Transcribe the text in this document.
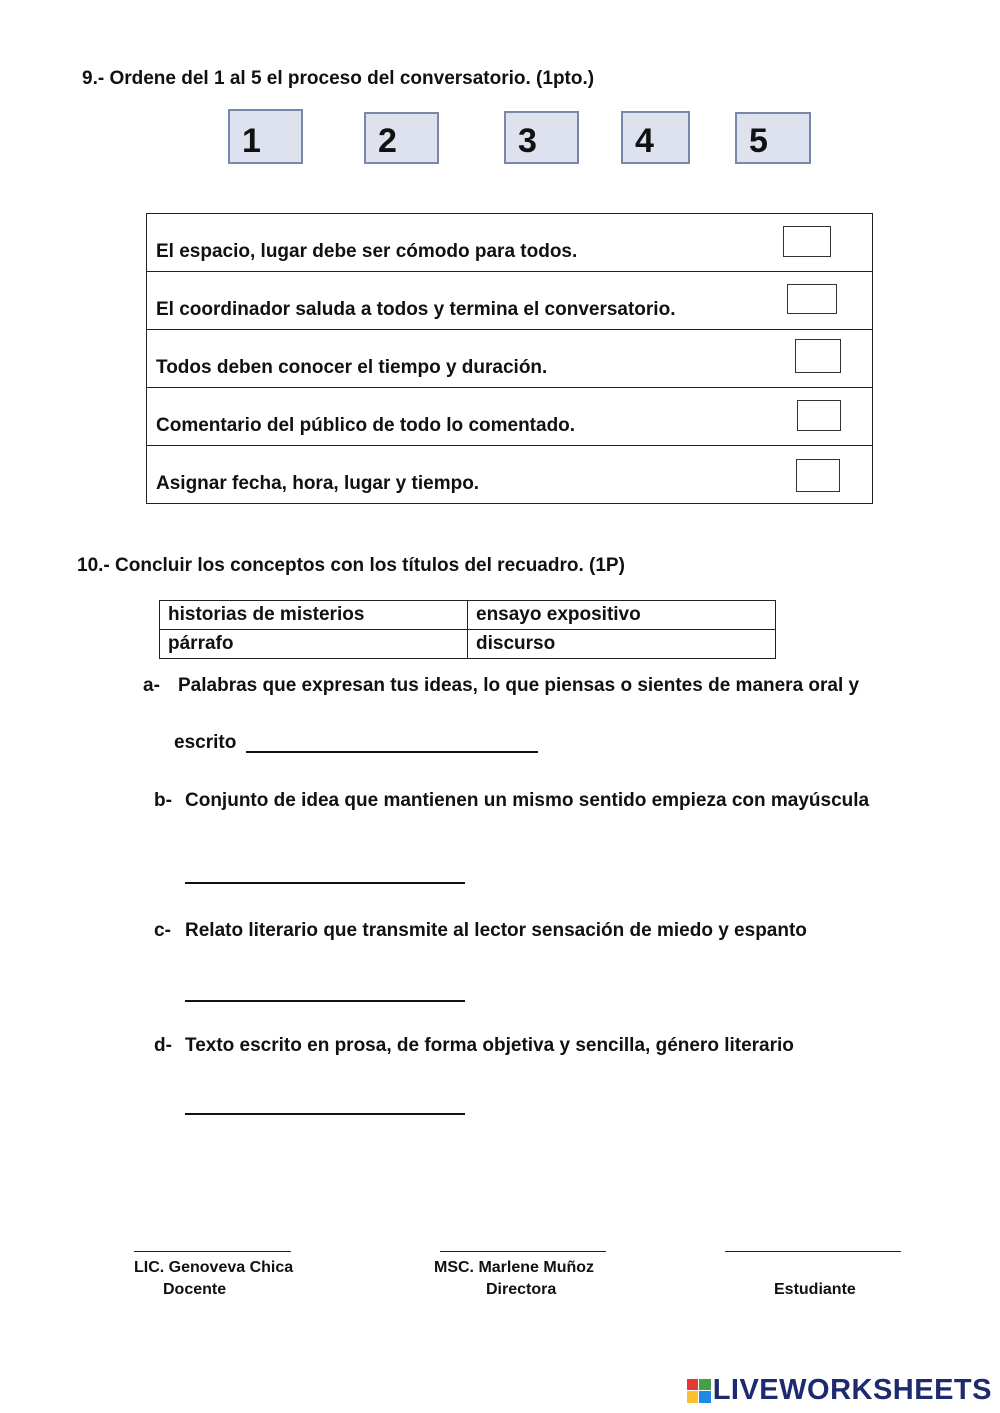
9.- Ordene del 1 al 5 el proceso del conversatorio. (1pto.)
1	2	3	4	5
El espacio, lugar debe ser cómodo para todos.

El coordinador saluda a todos y termina el conversatorio.

Todos deben conocer el tiempo y duración.

Comentario del público de todo lo comentado.

Asignar fecha, hora, lugar y tiempo.
10.- Concluir los conceptos con los títulos del recuadro. (1P)
historias de misterios	ensayo expositivo
párrafo	discurso
a- Palabras que expresan tus ideas, lo que piensas o sientes de manera oral y
escrito
b- Conjunto de idea que mantienen un mismo sentido empieza con mayúscula
c- Relato literario que transmite al lector sensación de miedo y espanto
d- Texto escrito en prosa, de forma objetiva y sencilla, género literario
LIC. Genoveva Chica
Docente
MSC. Marlene Muñoz
Directora	Estudiante
LIVEWORKSHEETS
